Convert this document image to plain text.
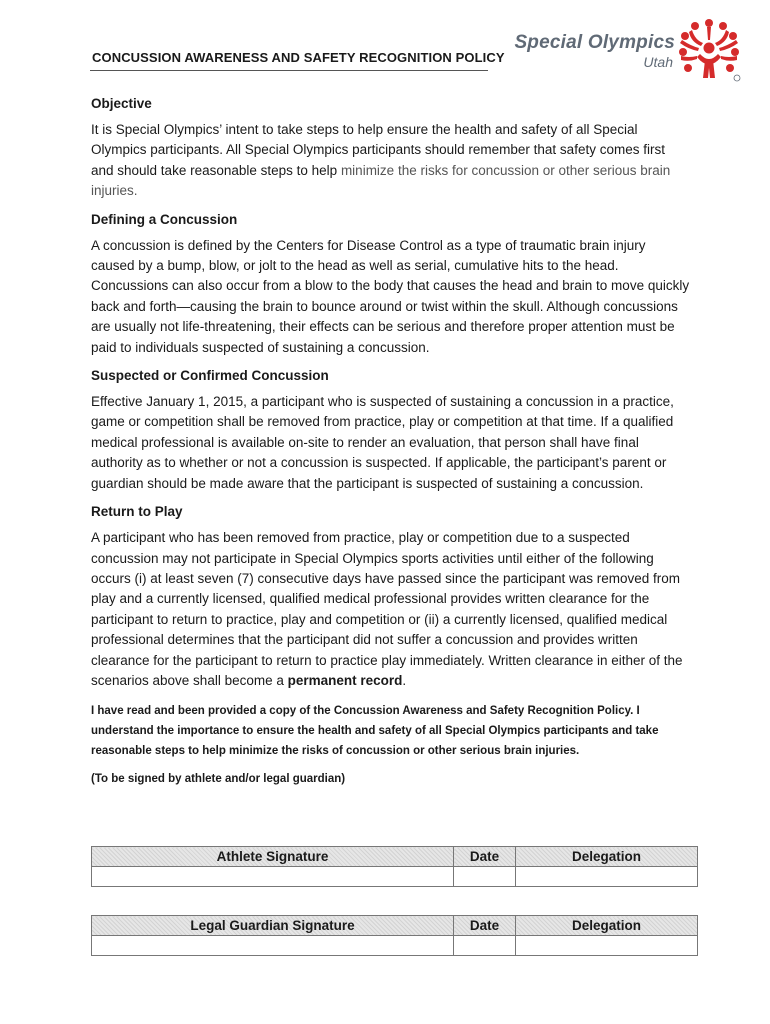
CONCUSSION AWARENESS AND SAFETY RECOGNITION POLICY
Special Olympics
Utah
Objective

It is Special Olympics’ intent to take steps to help ensure the health and safety of all Special Olympics participants. All Special Olympics participants should remember that safety comes first and should take reasonable steps to help minimize the risks for concussion or other serious brain injuries.

Defining a Concussion

A concussion is defined by the Centers for Disease Control as a type of traumatic brain injury caused by a bump, blow, or jolt to the head as well as serial, cumulative hits to the head. Concussions can also occur from a blow to the body that causes the head and brain to move quickly back and forth—causing the brain to bounce around or twist within the skull. Although concussions are usually not life-threatening, their effects can be serious and therefore proper attention must be paid to individuals suspected of sustaining a concussion.

Suspected or Confirmed Concussion

Effective January 1, 2015, a participant who is suspected of sustaining a concussion in a practice, game or competition shall be removed from practice, play or competition at that time. If a qualified medical professional is available on-site to render an evaluation, that person shall have final authority as to whether or not a concussion is suspected. If applicable, the participant’s parent or guardian should be made aware that the participant is suspected of sustaining a concussion.

Return to Play

A participant who has been removed from practice, play or competition due to a suspected concussion may not participate in Special Olympics sports activities until either of the following occurs (i) at least seven (7) consecutive days have passed since the participant was removed from play and a currently licensed, qualified medical professional provides written clearance for the participant to return to practice, play and competition or (ii) a currently licensed, qualified medical professional determines that the participant did not suffer a concussion and provides written clearance for the participant to return to practice play immediately. Written clearance in either of the scenarios above shall become a permanent record.

I have read and been provided a copy of the Concussion Awareness and Safety Recognition Policy. I understand the importance to ensure the health and safety of all Special Olympics participants and take reasonable steps to help minimize the risks of concussion or other serious brain injuries.

(To be signed by athlete and/or legal guardian)

Athlete Signature	Date	Delegation

Legal Guardian Signature	Date	Delegation
